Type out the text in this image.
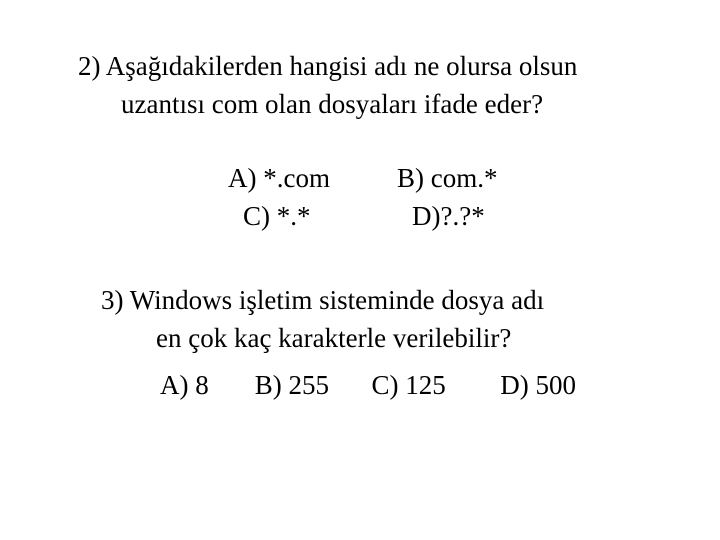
2) Aşağıdakilerden hangisi adı ne olursa olsun
uzantısı com olan dosyaları ifade eder?
A) *.com B) com.*
C) *.*	D)?.?*
3) Windows işletim sisteminde dosya adı
en çok kaç karakterle verilebilir?
A) 8 B) 255 C) 125 D) 500
